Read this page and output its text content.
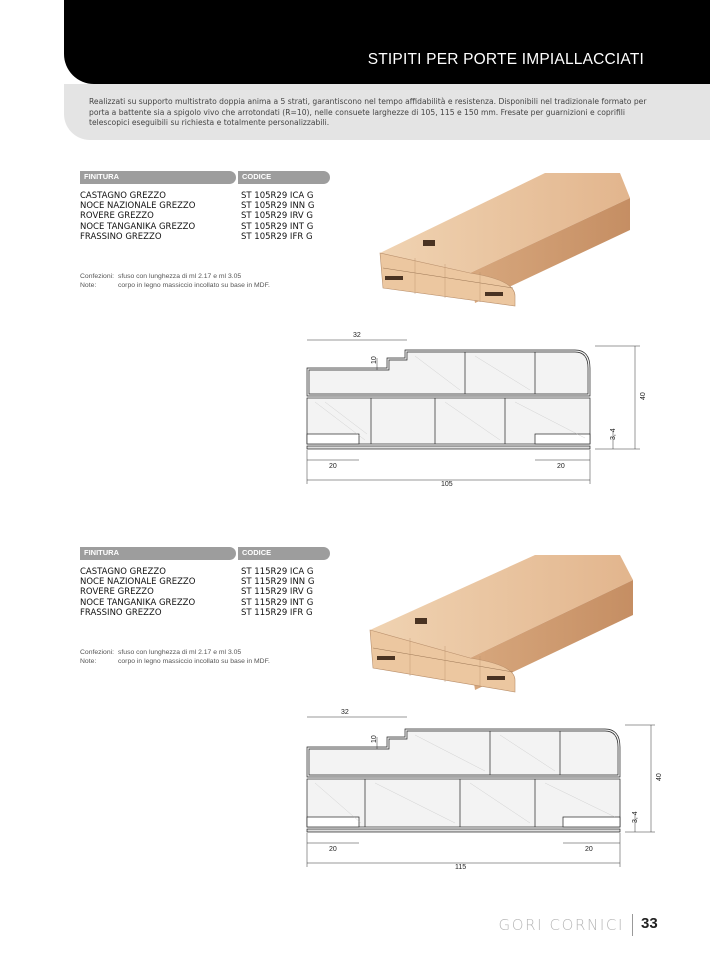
STIPITI PER PORTE IMPIALLACCIATI
Realizzati su supporto multistrato doppia anima a 5 strati, garantiscono nel tempo affidabilità e resistenza. Disponibili nel tradizionale formato per porta a battente sia a spigolo vivo che arrotondati (R=10), nelle consuete larghezze di 105, 115 e 150 mm. Fresate per guarnizioni e coprifili telescopici eseguibili su richiesta e totalmente personalizzabili.
FINITURA	CODICE
CASTAGNO GREZZO	ST 105R29 ICA G
NOCE NAZIONALE GREZZO	ST 105R29 INN G
ROVERE GREZZO	ST 105R29 IRV G
NOCE TANGANIKA GREZZO	ST 105R29 INT G
FRASSINO GREZZO	ST 105R29 IFR G
Confezioni: sfuso con lunghezza di ml 2.17 e ml 3.05
Note:	corpo in legno massiccio incollato su base in MDF.
32
10
40
3, 4
20	20
105
FINITURA	CODICE
CASTAGNO GREZZO	ST 115R29 ICA G
NOCE NAZIONALE GREZZO	ST 115R29 INN G
ROVERE GREZZO	ST 115R29 IRV G
NOCE TANGANIKA GREZZO	ST 115R29 INT G
FRASSINO GREZZO	ST 115R29 IFR G
Confezioni: sfuso con lunghezza di ml 2.17 e ml 3.05
Note:	corpo in legno massiccio incollato su base in MDF.
32
10
40
3, 4
20	20
115
GORI CORNICI 33
